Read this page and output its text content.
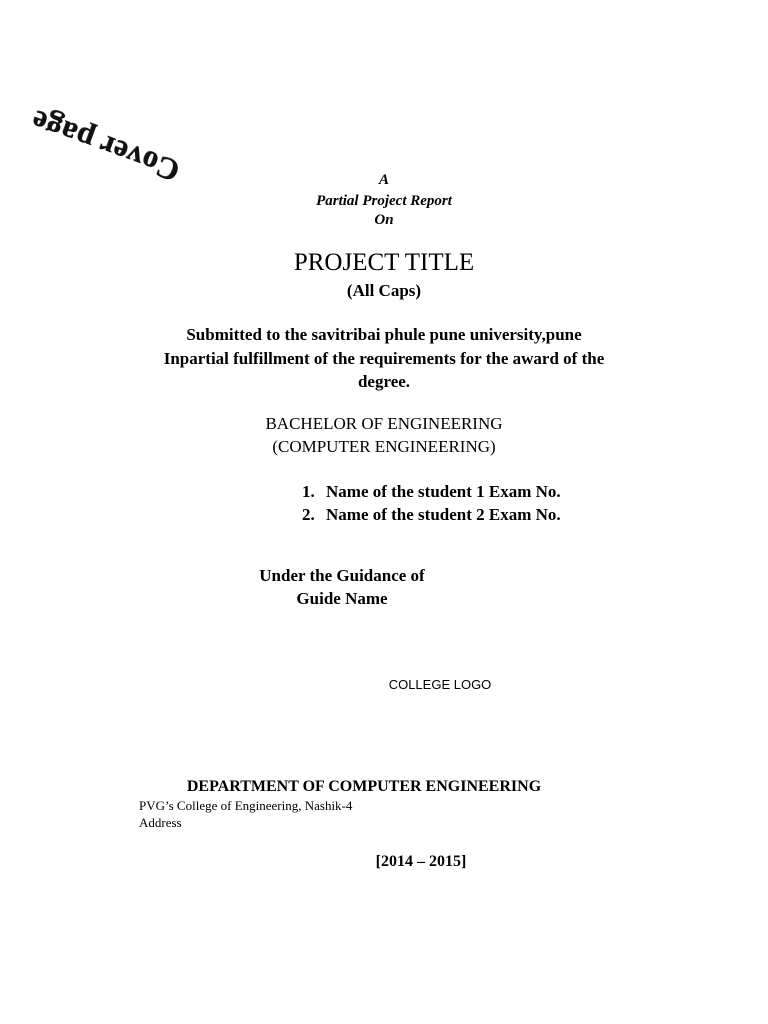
Cover page	A
Partial Project Report
On
PROJECT TITLE
(All Caps)
Submitted to the savitribai phule pune university,pune
Inpartial fulfillment of the requirements for the award of the
degree.
BACHELOR OF ENGINEERING
(COMPUTER ENGINEERING)
1. Name of the student 1 Exam No.
2. Name of the student 2 Exam No.
Under the Guidance of
Guide Name
COLLEGE LOGO
DEPARTMENT OF COMPUTER ENGINEERING
PVG’s College of Engineering, Nashik-4
Address
[2014 – 2015]
